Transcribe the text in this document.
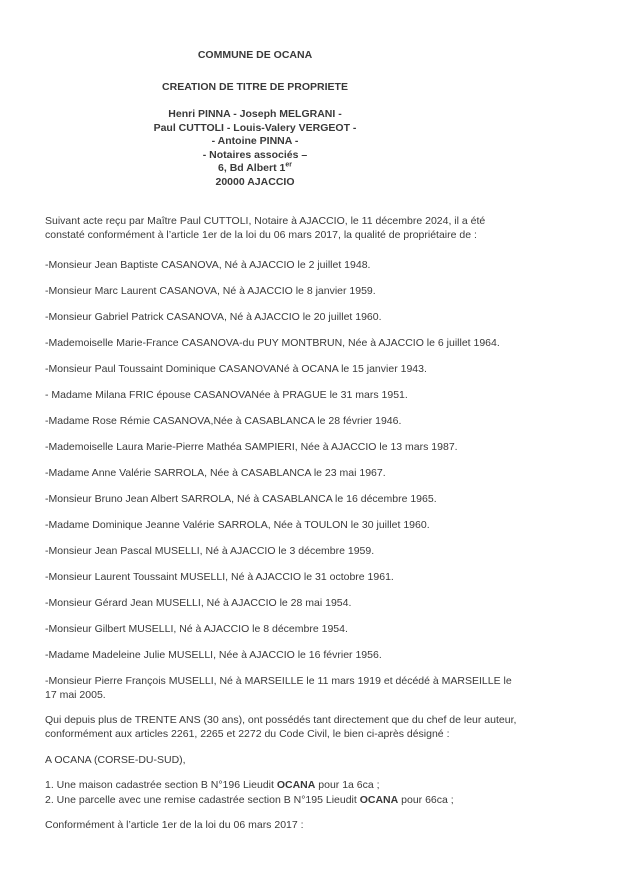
COMMUNE DE OCANA
CREATION DE TITRE DE PROPRIETE
Henri PINNA - Joseph MELGRANI -
Paul CUTTOLI - Louis-Valery VERGEOT -
- Antoine PINNA -
- Notaires associés –
6, Bd Albert 1er
20000 AJACCIO
Suivant acte reçu par Maître Paul CUTTOLI, Notaire à AJACCIO, le 11 décembre 2024, il a été
constaté conformément à l’article 1er de la loi du 06 mars 2017, la qualité de propriétaire de :
-Monsieur Jean Baptiste CASANOVA, Né à AJACCIO le 2 juillet 1948.
-Monsieur Marc Laurent CASANOVA, Né à AJACCIO le 8 janvier 1959.
-Monsieur Gabriel Patrick CASANOVA, Né à AJACCIO le 20 juillet 1960.
-Mademoiselle Marie-France CASANOVA-du PUY MONTBRUN, Née à AJACCIO le 6 juillet 1964.
-Monsieur Paul Toussaint Dominique CASANOVANé à OCANA le 15 janvier 1943.
- Madame Milana FRIC épouse CASANOVANée à PRAGUE le 31 mars 1951.
-Madame Rose Rémie CASANOVA,Née à CASABLANCA le 28 février 1946.
-Mademoiselle Laura Marie-Pierre Mathéa SAMPIERI, Née à AJACCIO le 13 mars 1987.
-Madame Anne Valérie SARROLA, Née à CASABLANCA le 23 mai 1967.
-Monsieur Bruno Jean Albert SARROLA, Né à CASABLANCA le 16 décembre 1965.
-Madame Dominique Jeanne Valérie SARROLA, Née à TOULON le 30 juillet 1960.
-Monsieur Jean Pascal MUSELLI, Né à AJACCIO le 3 décembre 1959.
-Monsieur Laurent Toussaint MUSELLI, Né à AJACCIO le 31 octobre 1961.
-Monsieur Gérard Jean MUSELLI, Né à AJACCIO le 28 mai 1954.
-Monsieur Gilbert MUSELLI, Né à AJACCIO le 8 décembre 1954.
-Madame Madeleine Julie MUSELLI, Née à AJACCIO le 16 février 1956.
-Monsieur Pierre François MUSELLI, Né à MARSEILLE le 11 mars 1919 et décédé à MARSEILLE le
17 mai 2005.
Qui depuis plus de TRENTE ANS (30 ans), ont possédés tant directement que du chef de leur auteur,
conformément aux articles 2261, 2265 et 2272 du Code Civil, le bien ci-après désigné :
A OCANA (CORSE-DU-SUD),
1. Une maison cadastrée section B N°196 Lieudit OCANA pour 1a 6ca ;
2. Une parcelle avec une remise cadastrée section B N°195 Lieudit OCANA pour 66ca ;
Conformément à l’article 1er de la loi du 06 mars 2017 :
